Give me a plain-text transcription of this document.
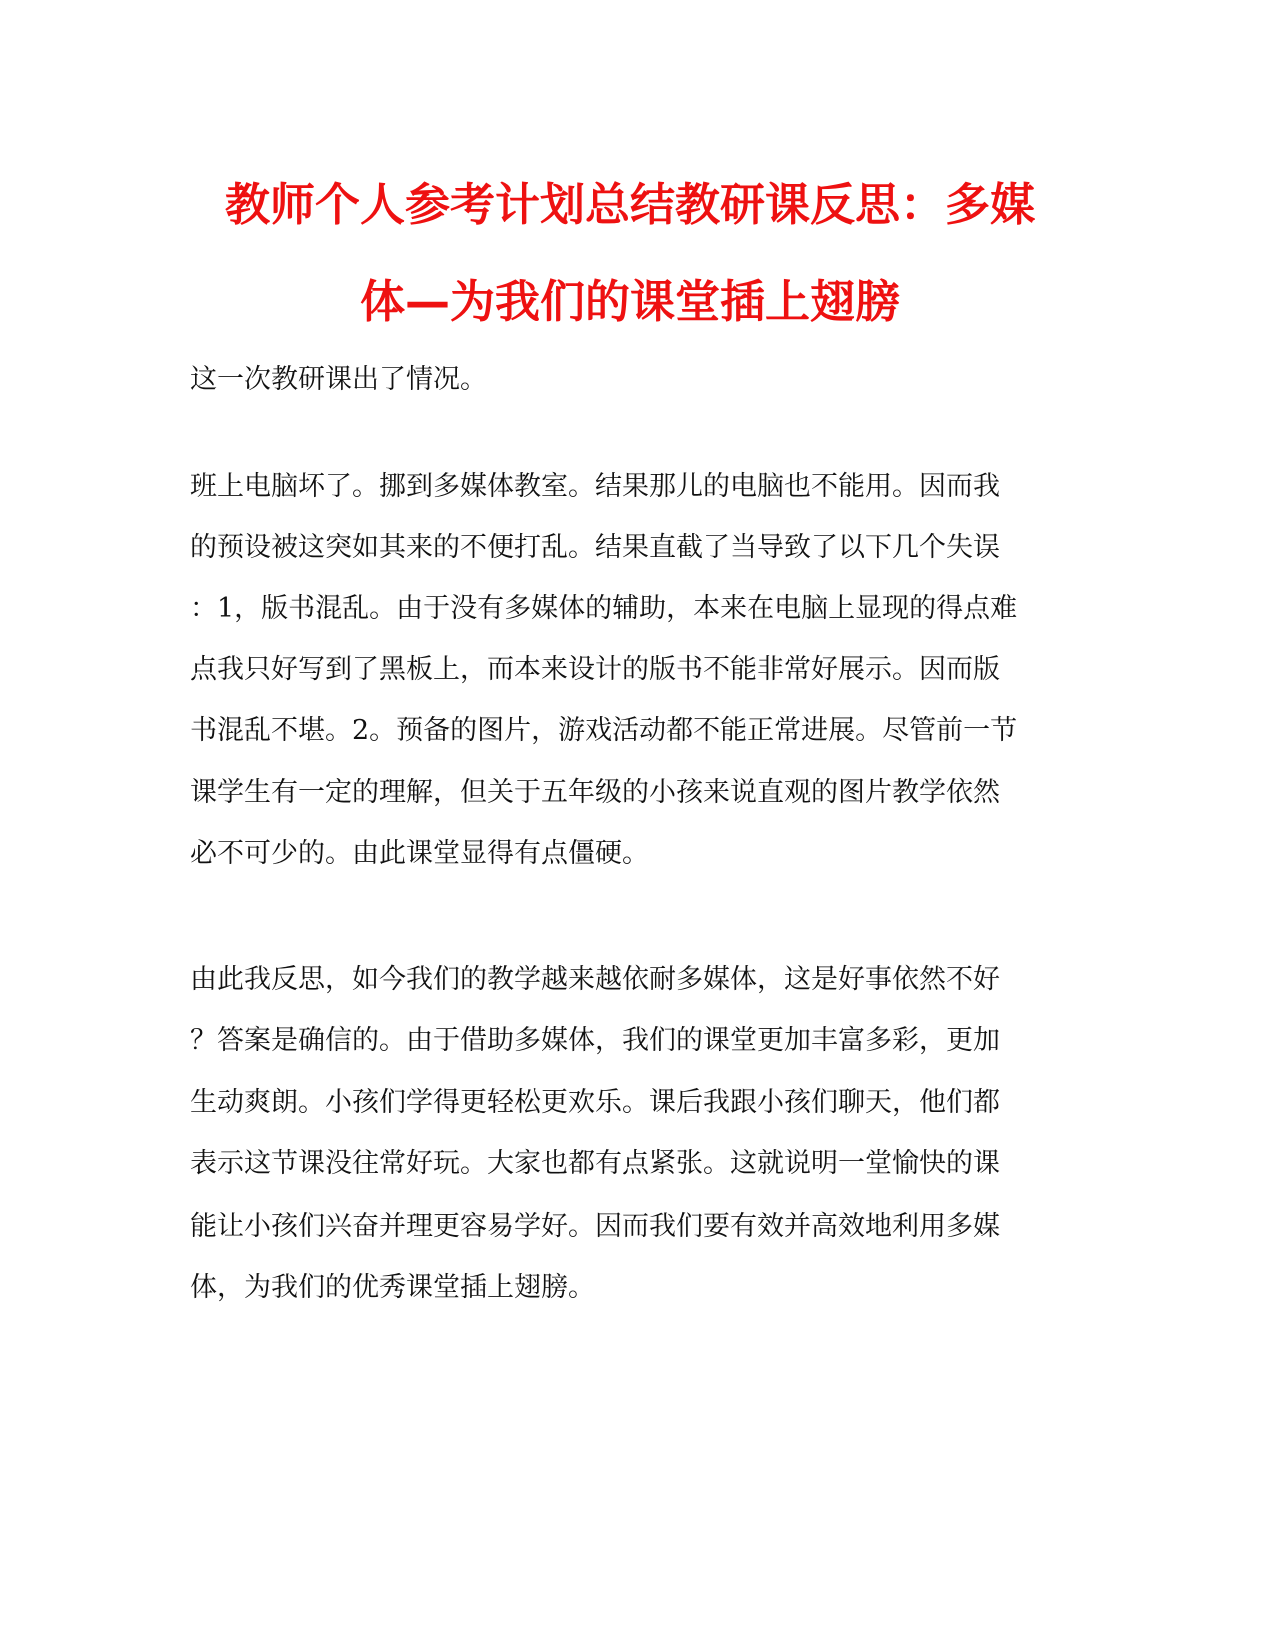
教师个人参考计划总结教研课反思：多媒
体—为我们的课堂插上翅膀

这一次教研课出了情况。

班上电脑坏了。挪到多媒体教室。结果那儿的电脑也不能用。因而我

的预设被这突如其来的不便打乱。结果直截了当导致了以下几个失误

：1，版书混乱。由于没有多媒体的辅助，本来在电脑上显现的得点难

点我只好写到了黑板上，而本来设计的版书不能非常好展示。因而版

书混乱不堪。2。预备的图片，游戏活动都不能正常进展。尽管前一节

课学生有一定的理解，但关于五年级的小孩来说直观的图片教学依然

必不可少的。由此课堂显得有点僵硬。

由此我反思，如今我们的教学越来越依耐多媒体，这是好事依然不好

？答案是确信的。由于借助多媒体，我们的课堂更加丰富多彩，更加

生动爽朗。小孩们学得更轻松更欢乐。课后我跟小孩们聊天，他们都

表示这节课没往常好玩。大家也都有点紧张。这就说明一堂愉快的课

能让小孩们兴奋并理更容易学好。因而我们要有效并高效地利用多媒

体，为我们的优秀课堂插上翅膀。
